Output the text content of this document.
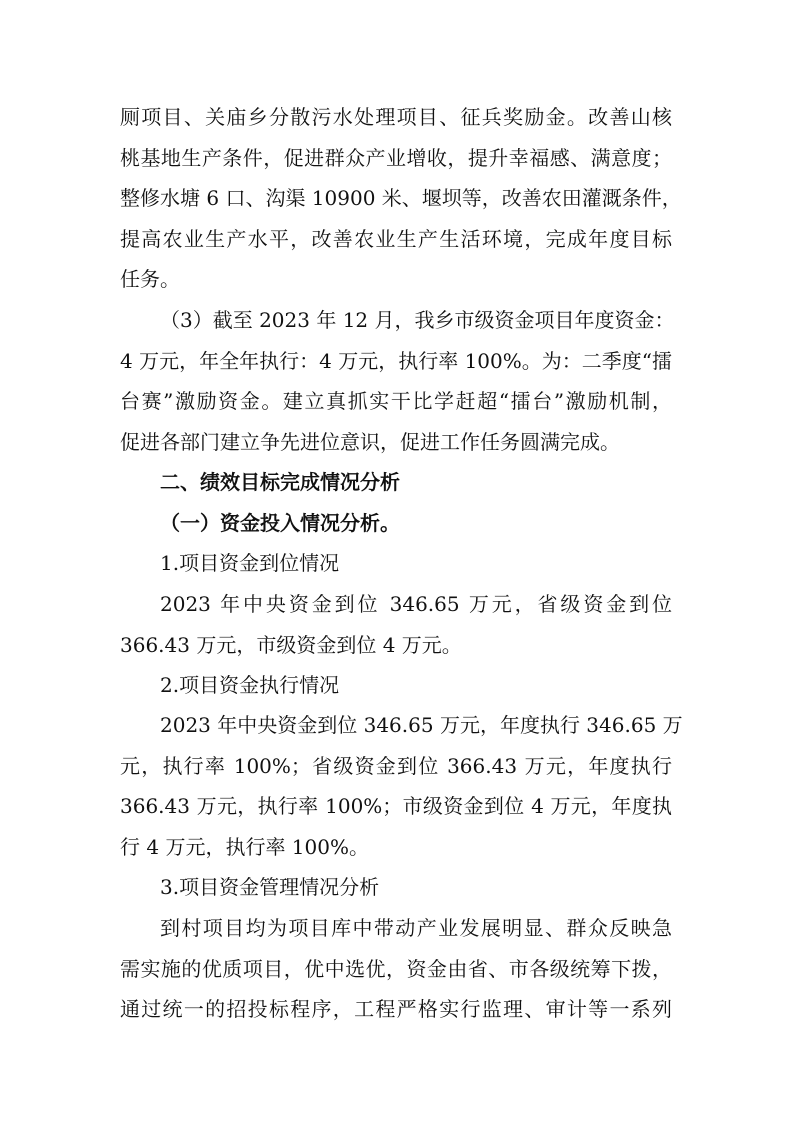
厕项目、关庙乡分散污水处理项目、征兵奖励金。改善山核
桃基地生产条件，促进群众产业增收，提升幸福感、满意度；
整修水塘 6 口、沟渠 10900 米、堰坝等，改善农田灌溉条件，
提高农业生产水平，改善农业生产生活环境，完成年度目标
任务。
（3）截至 2023 年 12 月，我乡市级资金项目年度资金：
4 万元，年全年执行：4 万元，执行率 100%。为：二季度“擂
台赛”激励资金。建立真抓实干比学赶超“擂台”激励机制，
促进各部门建立争先进位意识，促进工作任务圆满完成。
二、绩效目标完成情况分析
（一）资金投入情况分析。
1.项目资金到位情况
2023 年中央资金到位 346.65 万元，省级资金到位
366.43 万元，市级资金到位 4 万元。
2.项目资金执行情况
2023 年中央资金到位 346.65 万元，年度执行 346.65 万
元，执行率 100%；省级资金到位 366.43 万元，年度执行
366.43 万元，执行率 100%；市级资金到位 4 万元，年度执
行 4 万元，执行率 100%。
3.项目资金管理情况分析
到村项目均为项目库中带动产业发展明显、群众反映急
需实施的优质项目，优中选优，资金由省、市各级统筹下拨，
通过统一的招投标程序，工程严格实行监理、审计等一系列
